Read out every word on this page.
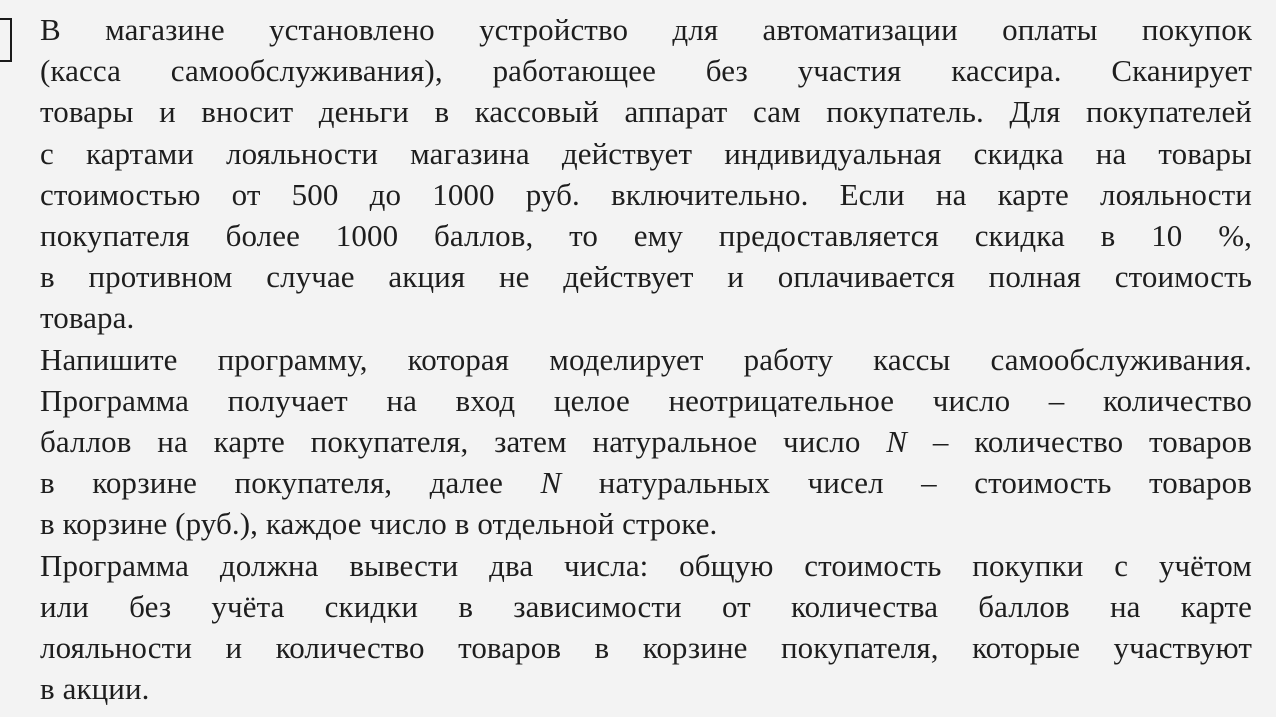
В магазине установлено устройство для автоматизации оплаты покупок
(касса самообслуживания), работающее без участия кассира. Сканирует
товары и вносит деньги в кассовый аппарат сам покупатель. Для покупателей
с картами лояльности магазина действует индивидуальная скидка на товары
стоимостью от 500 до 1000 руб. включительно. Если на карте лояльности
покупателя более 1000 баллов, то ему предоставляется скидка в 10 %,
в противном случае акция не действует и оплачивается полная стоимость
товара.
Напишите программу, которая моделирует работу кассы самообслуживания.
Программа получает на вход целое неотрицательное число – количество
баллов на карте покупателя, затем натуральное число N – количество товаров
в корзине покупателя, далее N натуральных чисел – стоимость товаров
в корзине (руб.), каждое число в отдельной строке.
Программа должна вывести два числа: общую стоимость покупки с учётом
или без учёта скидки в зависимости от количества баллов на карте
лояльности и количество товаров в корзине покупателя, которые участвуют
в акции.
